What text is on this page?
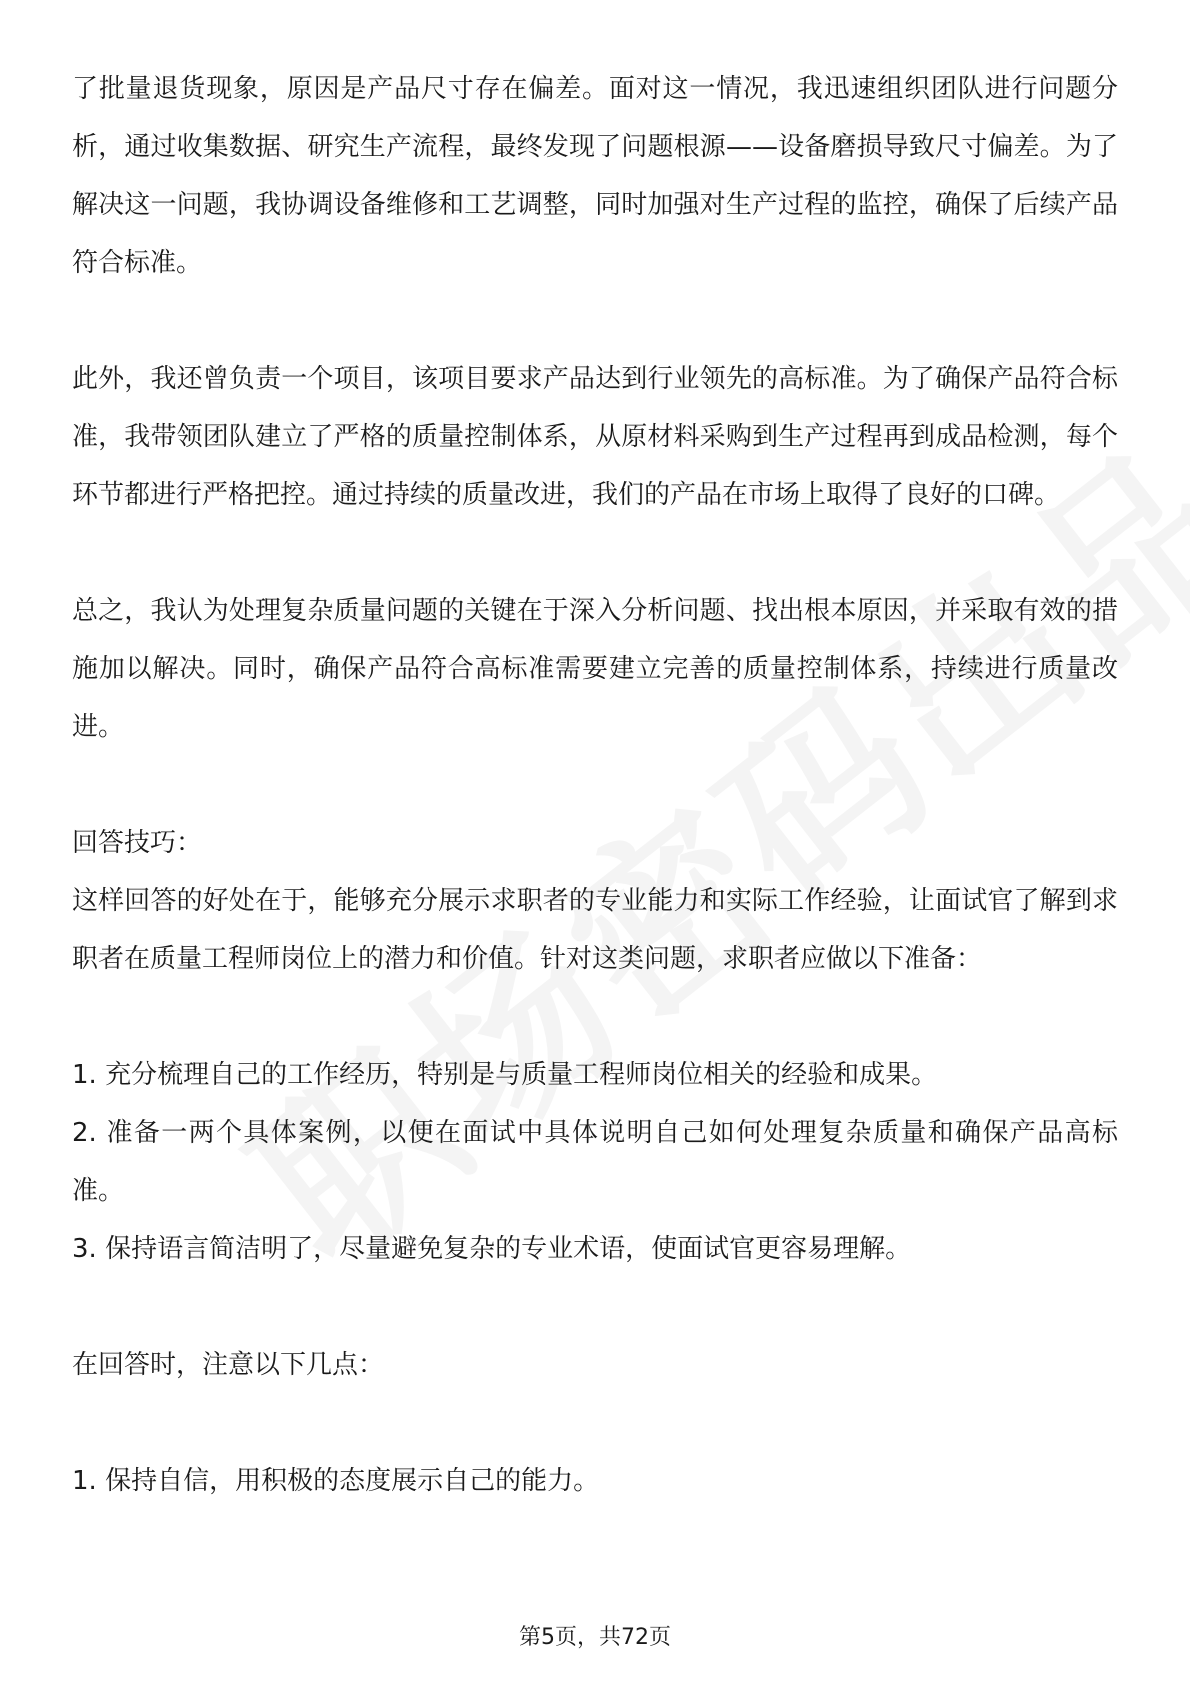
了批量退货现象，原因是产品尺寸存在偏差。面对这一情况，我迅速组织团队进行问题分析，通过收集数据、研究生产流程，最终发现了问题根源——设备磨损导致尺寸偏差。为了解决这一问题，我协调设备维修和工艺调整，同时加强对生产过程的监控，确保了后续产品符合标准。

此外，我还曾负责一个项目，该项目要求产品达到行业领先的高标准。为了确保产品符合标准，我带领团队建立了严格的质量控制体系，从原材料采购到生产过程再到成品检测，每个环节都进行严格把控。通过持续的质量改进，我们的产品在市场上取得了良好的口碑。

总之，我认为处理复杂质量问题的关键在于深入分析问题、找出根本原因，并采取有效的措施加以解决。同时，确保产品符合高标准需要建立完善的质量控制体系，持续进行质量改进。

回答技巧：

这样回答的好处在于，能够充分展示求职者的专业能力和实际工作经验，让面试官了解到求职者在质量工程师岗位上的潜力和价值。针对这类问题，求职者应做以下准备：

1. 充分梳理自己的工作经历，特别是与质量工程师岗位相关的经验和成果。

2. 准备一两个具体案例，以便在面试中具体说明自己如何处理复杂质量和确保产品高标准。

3. 保持语言简洁明了，尽量避免复杂的专业术语，使面试官更容易理解。

在回答时，注意以下几点：

1. 保持自信，用积极的态度展示自己的能力。

第5页，共72页
